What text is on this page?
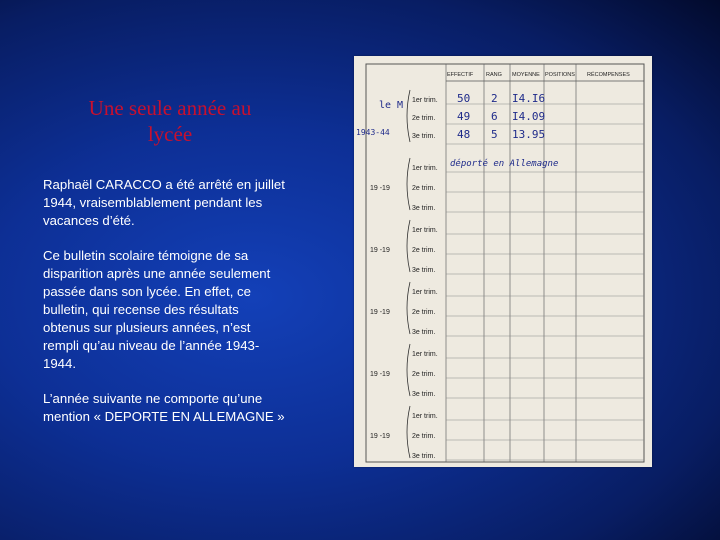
Une seule année au
lycée

Raphaël CARACCO a été arrêté en juillet 1944, vraisemblablement pendant les vacances d’été.

Ce bulletin scolaire témoigne de sa disparition après une année seulement passée dans son lycée. En effet, ce bulletin, qui recense des résultats obtenus sur plusieurs années, n’est rempli qu’au niveau de l’année 1943-1944.

L’année suivante ne comporte qu’une mention « DEPORTE EN ALLEMAGNE »

EFFECTIF RANG MOYENNE POSITIONS RÉCOMPENSES
le M
1943-44
1er trim.
2e trim.
3e trim.
50 2 I4.I6
49 6 I4.09
48 5 13.95
déporté en Allemagne
1er trim.
2e trim.
3e trim.
19 -19
1er trim.
2e trim.
3e trim.
19 -19
1er trim.
2e trim.
3e trim.
19 -19
1er trim.
2e trim.
3e trim.
19 -19
1er trim.
2e trim.
3e trim.
19 -19
